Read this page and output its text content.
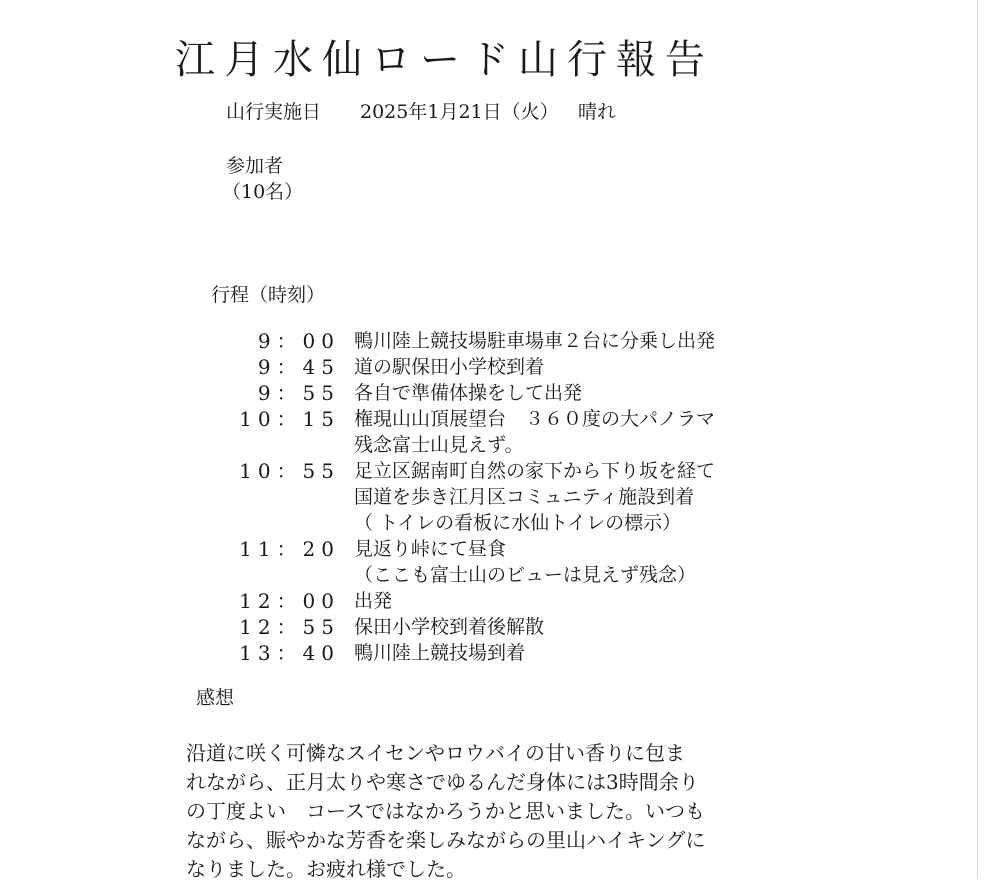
江月水仙ロード山行報告
山行実施日 2025年1月21日（火） 晴れ
参加者
（10名）
行程（時刻）
9：00 鴨川陸上競技場駐車場車２台に分乗し出発
9：45 道の駅保田小学校到着
9：55 各自で準備体操をして出発
10：15 権現山山頂展望台　３６０度の大パノラマ
残念富士山見えず。
10：55 足立区鋸南町自然の家下から下り坂を経て
国道を歩き江月区コミュニティ施設到着
（ トイレの看板に水仙トイレの標示）
11：20 見返り峠にて昼食
（ここも富士山のビューは見えず残念）
12：00 出発
12：55 保田小学校到着後解散
13：40 鴨川陸上競技場到着
感想
沿道に咲く可憐なスイセンやロウバイの甘い香りに包ま
れながら、正月太りや寒さでゆるんだ身体には3時間余り
の丁度よい　コースではなかろうかと思いました。いつも
ながら、賑やかな芳香を楽しみながらの里山ハイキングに
なりました。お疲れ様でした。
